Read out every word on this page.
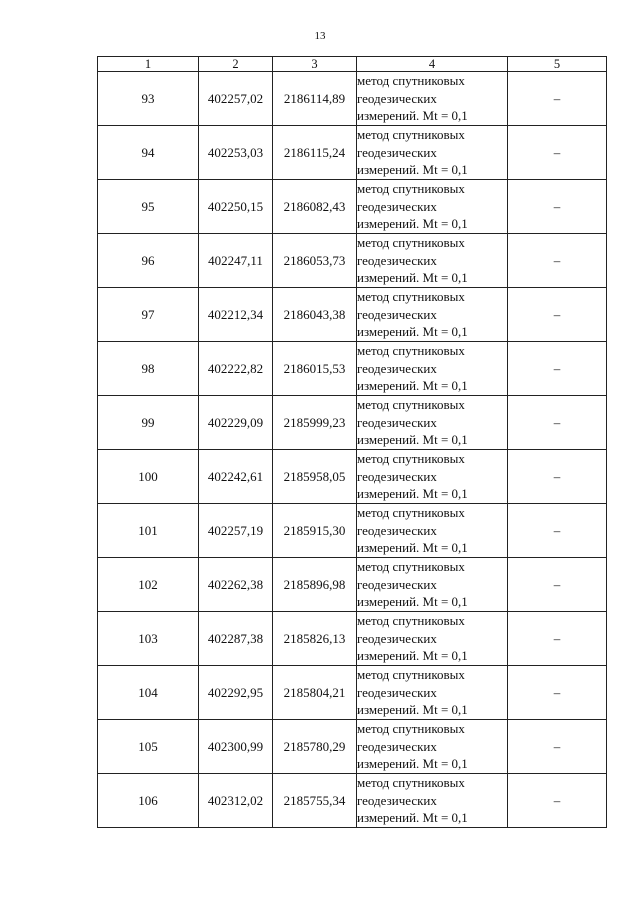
13
1	2	3	4	5
93	402257,02	2186114,89	метод спутниковых
геодезических
измерений. Mt = 0,1	–
94	402253,03	2186115,24	метод спутниковых
геодезических
измерений. Mt = 0,1	–
95	402250,15	2186082,43	метод спутниковых
геодезических
измерений. Mt = 0,1	–
96	402247,11	2186053,73	метод спутниковых
геодезических
измерений. Mt = 0,1	–
97	402212,34	2186043,38	метод спутниковых
геодезических
измерений. Mt = 0,1	–
98	402222,82	2186015,53	метод спутниковых
геодезических
измерений. Mt = 0,1	–
99	402229,09	2185999,23	метод спутниковых
геодезических
измерений. Mt = 0,1	–
100	402242,61	2185958,05	метод спутниковых
геодезических
измерений. Mt = 0,1	–
101	402257,19	2185915,30	метод спутниковых
геодезических
измерений. Mt = 0,1	–
102	402262,38	2185896,98	метод спутниковых
геодезических
измерений. Mt = 0,1	–
103	402287,38	2185826,13	метод спутниковых
геодезических
измерений. Mt = 0,1	–
104	402292,95	2185804,21	метод спутниковых
геодезических
измерений. Mt = 0,1	–
105	402300,99	2185780,29	метод спутниковых
геодезических
измерений. Mt = 0,1	–
106	402312,02	2185755,34	метод спутниковых
геодезических
измерений. Mt = 0,1	–
